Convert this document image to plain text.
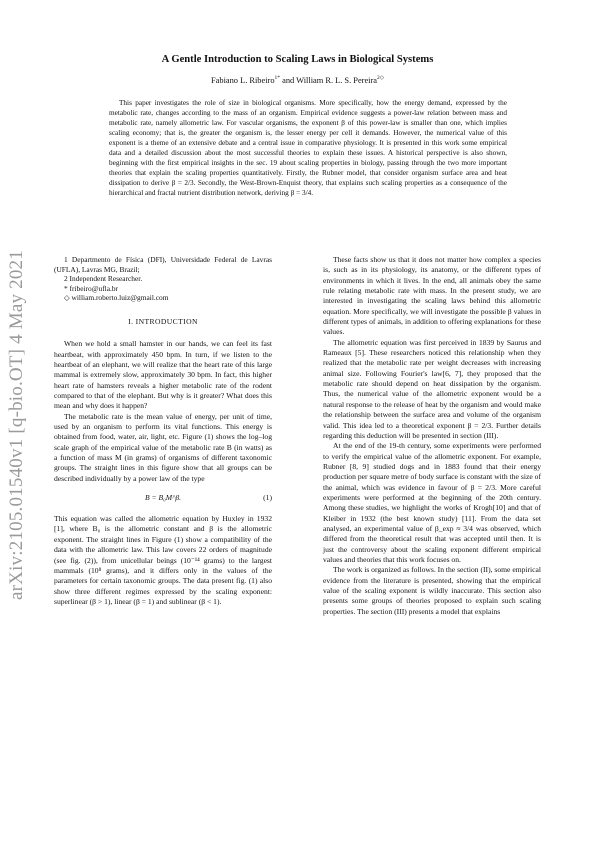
arXiv:2105.01540v1 [q-bio.OT] 4 May 2021
A Gentle Introduction to Scaling Laws in Biological Systems
Fabiano L. Ribeiro$^{1*}$ and William R. L. S. Pereira$^{2◇}$
This paper investigates the role of size in biological organisms. More specifically, how the energy demand, expressed by the metabolic rate, changes according to the mass of an organism. Empirical evidence suggests a power-law relation between mass and metabolic rate, namely allometric law. For vascular organisms, the exponent β of this power-law is smaller than one, which implies scaling economy; that is, the greater the organism is, the lesser energy per cell it demands. However, the numerical value of this exponent is a theme of an extensive debate and a central issue in comparative physiology. It is presented in this work some empirical data and a detailed discussion about the most successful theories to explain these issues. A historical perspective is also shown, beginning with the first empirical insights in the sec. 19 about scaling properties in biology, passing through the two more important theories that explain the scaling properties quantitatively. Firstly, the Rubner model, that consider organism surface area and heat dissipation to derive β = 2/3. Secondly, the West-Brown-Enquist theory, that explains such scaling properties as a consequence of the hierarchical and fractal nutrient distribution network, deriving β = 3/4.

1 Departmento de Física (DFI), Universidade Federal de Lavras (UFLA), Lavras MG, Brazil;

2 Independent Researcher.

* fribeiro@ufla.br

◇ william.roberto.luiz@gmail.com

I. INTRODUCTION

When we hold a small hamster in our hands, we can feel its fast heartbeat, with approximately 450 bpm. In turn, if we listen to the heartbeat of an elephant, we will realize that the heart rate of this large mammal is extremely slow, approximately 30 bpm. In fact, this higher heart rate of hamsters reveals a higher metabolic rate of the rodent compared to that of the elephant. But why is it greater? What does this mean and why does it happen?

The metabolic rate is the mean value of energy, per unit of time, used by an organism to perform its vital functions. This energy is obtained from food, water, air, light, etc. Figure (1) shows the log–log scale graph of the empirical value of the metabolic rate B (in watts) as a function of mass M (in grams) of organisms of different taxonomic groups. The straight lines in this figure show that all groups can be described individually by a power law of the type

B = B₀M^β.	(1)

This equation was called the allometric equation by Huxley in 1932 [1], where B₀ is the allometric constant and β is the allometric exponent. The straight lines in Figure (1) show a compatibility of the data with the allometric law. This law covers 22 orders of magnitude (see fig. (2)), from unicellular beings (10⁻¹⁴ grams) to the largest mammals (10⁸ grams), and it differs only in the values of the parameters for certain taxonomic groups. The data present fig. (1) also show three different regimes expressed by the scaling exponent: superlinear (β > 1), linear (β = 1) and sublinear (β < 1).

These facts show us that it does not matter how complex a species is, such as in its physiology, its anatomy, or the different types of environments in which it lives. In the end, all animals obey the same rule relating metabolic rate with mass. In the present study, we are interested in investigating the scaling laws behind this allometric equation. More specifically, we will investigate the possible β values in different types of animals, in addition to offering explanations for these values.

The allometric equation was first perceived in 1839 by Saurus and Rameaux [5]. These researchers noticed this relationship when they realized that the metabolic rate per weight decreases with increasing animal size. Following Fourier's law[6, 7], they proposed that the metabolic rate should depend on heat dissipation by the organism. Thus, the numerical value of the allometric exponent would be a natural response to the release of heat by the organism and would make the relationship between the surface area and volume of the organism valid. This idea led to a theoretical exponent β = 2/3. Further details regarding this deduction will be presented in section (III).

At the end of the 19-th century, some experiments were performed to verify the empirical value of the allometric exponent. For example, Rubner [8, 9] studied dogs and in 1883 found that their energy production per square metre of body surface is constant with the size of the animal, which was evidence in favour of β = 2/3. More careful experiments were performed at the beginning of the 20th century. Among these studies, we highlight the works of Krogh[10] and that of Kleiber in 1932 (the best known study) [11]. From the data set analysed, an experimental value of β_exp ≈ 3/4 was observed, which differed from the theoretical result that was accepted until then. It is just the controversy about the scaling exponent different empirical values and theories that this work focuses on.

The work is organized as follows. In the section (II), some empirical evidence from the literature is presented, showing that the empirical value of the scaling exponent is wildly inaccurate. This section also presents some groups of theories proposed to explain such scaling properties. The section (III) presents a model that explains
